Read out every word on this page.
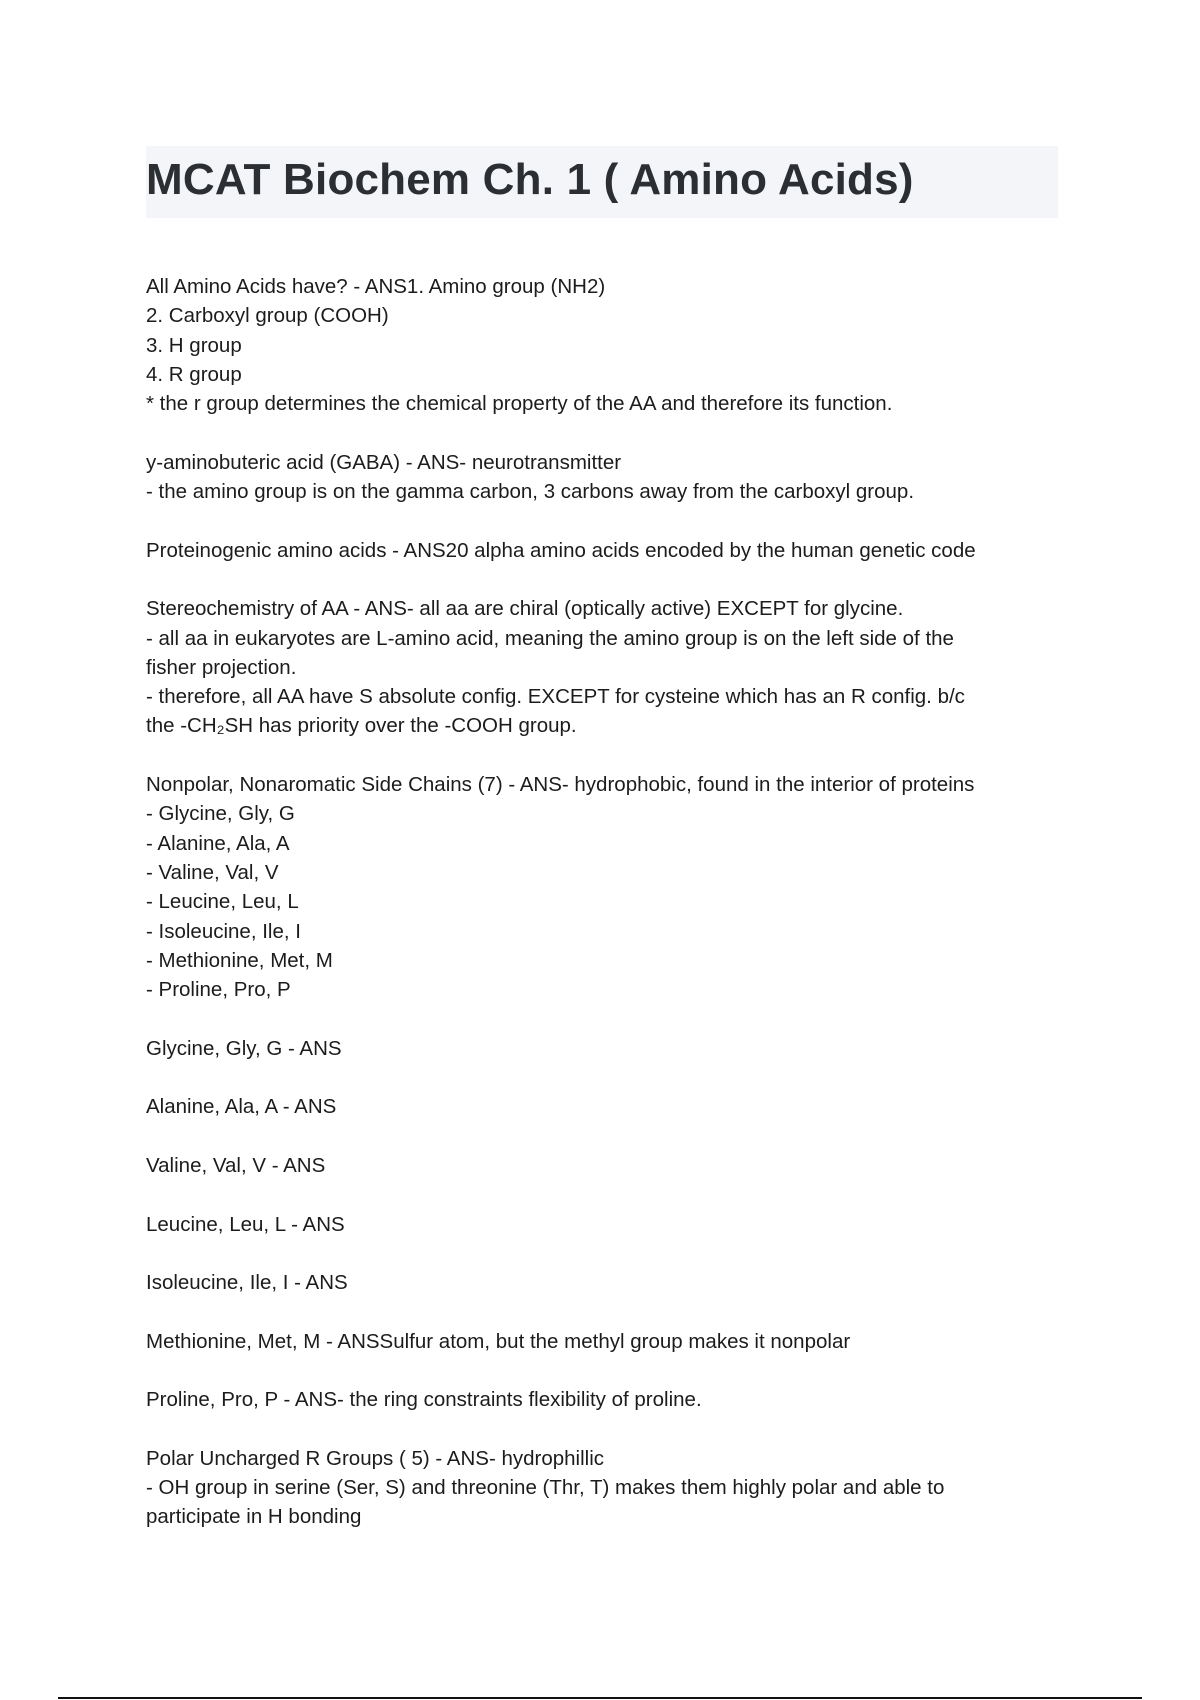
MCAT Biochem Ch. 1 ( Amino Acids)
All Amino Acids have? - ANS1. Amino group (NH2)
2. Carboxyl group (COOH)
3. H group
4. R group
* the r group determines the chemical property of the AA and therefore its function.
y-aminobuteric acid (GABA) - ANS- neurotransmitter
- the amino group is on the gamma carbon, 3 carbons away from the carboxyl group.
Proteinogenic amino acids - ANS20 alpha amino acids encoded by the human genetic code
Stereochemistry of AA - ANS- all aa are chiral (optically active) EXCEPT for glycine.
- all aa in eukaryotes are L-amino acid, meaning the amino group is on the left side of the
fisher projection.
- therefore, all AA have S absolute config. EXCEPT for cysteine which has an R config. b/c
the -CH₂SH has priority over the -COOH group.
Nonpolar, Nonaromatic Side Chains (7) - ANS- hydrophobic, found in the interior of proteins
- Glycine, Gly, G
- Alanine, Ala, A
- Valine, Val, V
- Leucine, Leu, L
- Isoleucine, Ile, I
- Methionine, Met, M
- Proline, Pro, P
Glycine, Gly, G - ANS
Alanine, Ala, A - ANS
Valine, Val, V - ANS
Leucine, Leu, L - ANS
Isoleucine, Ile, I - ANS
Methionine, Met, M - ANSSulfur atom, but the methyl group makes it nonpolar
Proline, Pro, P - ANS- the ring constraints flexibility of proline.
Polar Uncharged R Groups ( 5) - ANS- hydrophillic
- OH group in serine (Ser, S) and threonine (Thr, T) makes them highly polar and able to
participate in H bonding
